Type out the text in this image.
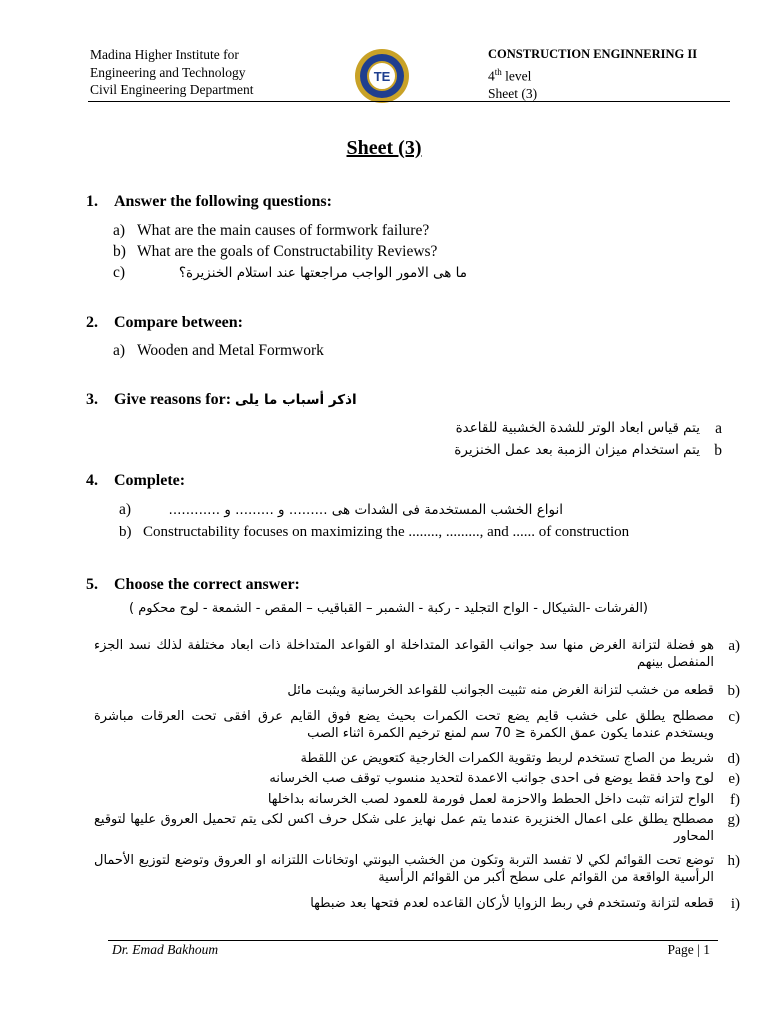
Madina Higher Institute for
Engineering and Technology
Civil Engineering Department
TE
CONSTRUCTION ENGINNERING II
4th level
Sheet (3)
Sheet (3)
1. Answer the following questions:
a) What are the main causes of formwork failure?
b) What are the goals of Constructability Reviews?
c)	ما هى الامور الواجب مراجعتها عند استلام الخنزيرة؟
2. Compare between:
a) Wooden and Metal Formwork
3. Give reasons for: اذكر أسباب ما يلى
a
يتم قياس ابعاد الوتر للشدة الخشبية للقاعدة
b
يتم استخدام ميزان الزمبة بعد عمل الخنزيرة
4. Complete:
a)	انواع الخشب المستخدمة فى الشدات هى ......... و ......... و ............
b) Constructability focuses on maximizing the ........, ........., and ...... of construction
5. Choose the correct answer:
(الفرشات -الشيكال - الواح التجليد - ركبة - الشمبر – القباقيب – المقص - الشمعة - لوح محكوم )
a)
هو فضلة لتزانة الغرض منها سد جوانب القواعد المتداخلة او القواعد المتداخلة ذات ابعاد مختلفة لذلك نسد الجزء المنفصل بينهم
b)
قطعه من خشب لتزانة الغرض منه تثبيت الجوانب للقواعد الخرسانية ويثبت مائل
c)
مصطلح يطلق على خشب قايم يضع تحت الكمرات بحيث يضع فوق القايم عرق افقى تحت العرقات مباشرة ويستخدم عندما يكون عمق الكمرة ≤ 70 سم لمنع ترخيم الكمرة اثناء الصب
d)
شريط من الصاج تستخدم لربط وتقوية الكمرات الخارجية كتعويض عن اللقطة
e)
لوح واحد فقط يوضع فى احدى جوانب الاعمدة لتحديد منسوب توقف صب الخرسانه
f)
الواح لتزانه تثبت داخل الحطط والاحزمة لعمل فورمة للعمود لصب الخرسانه بداخلها
g)
مصطلح يطلق على اعمال الخنزيرة عندما يتم عمل نهايز على شكل حرف اكس لكى يتم تحميل العروق عليها لتوقيع المحاور
h)
توضع تحت القوائم لكي لا تفسد التربة وتكون من الخشب البونتي اوتخانات اللتزانه او العروق وتوضع لتوزيع الأحمال الرأسية الواقعة من القوائم على سطح أكبر من القوائم الرأسية
i)
قطعه لتزانة وتستخدم في ربط الزوايا لأركان القاعده لعدم فتحها بعد ضبطها
Dr. Emad Bakhoum	Page | 1
